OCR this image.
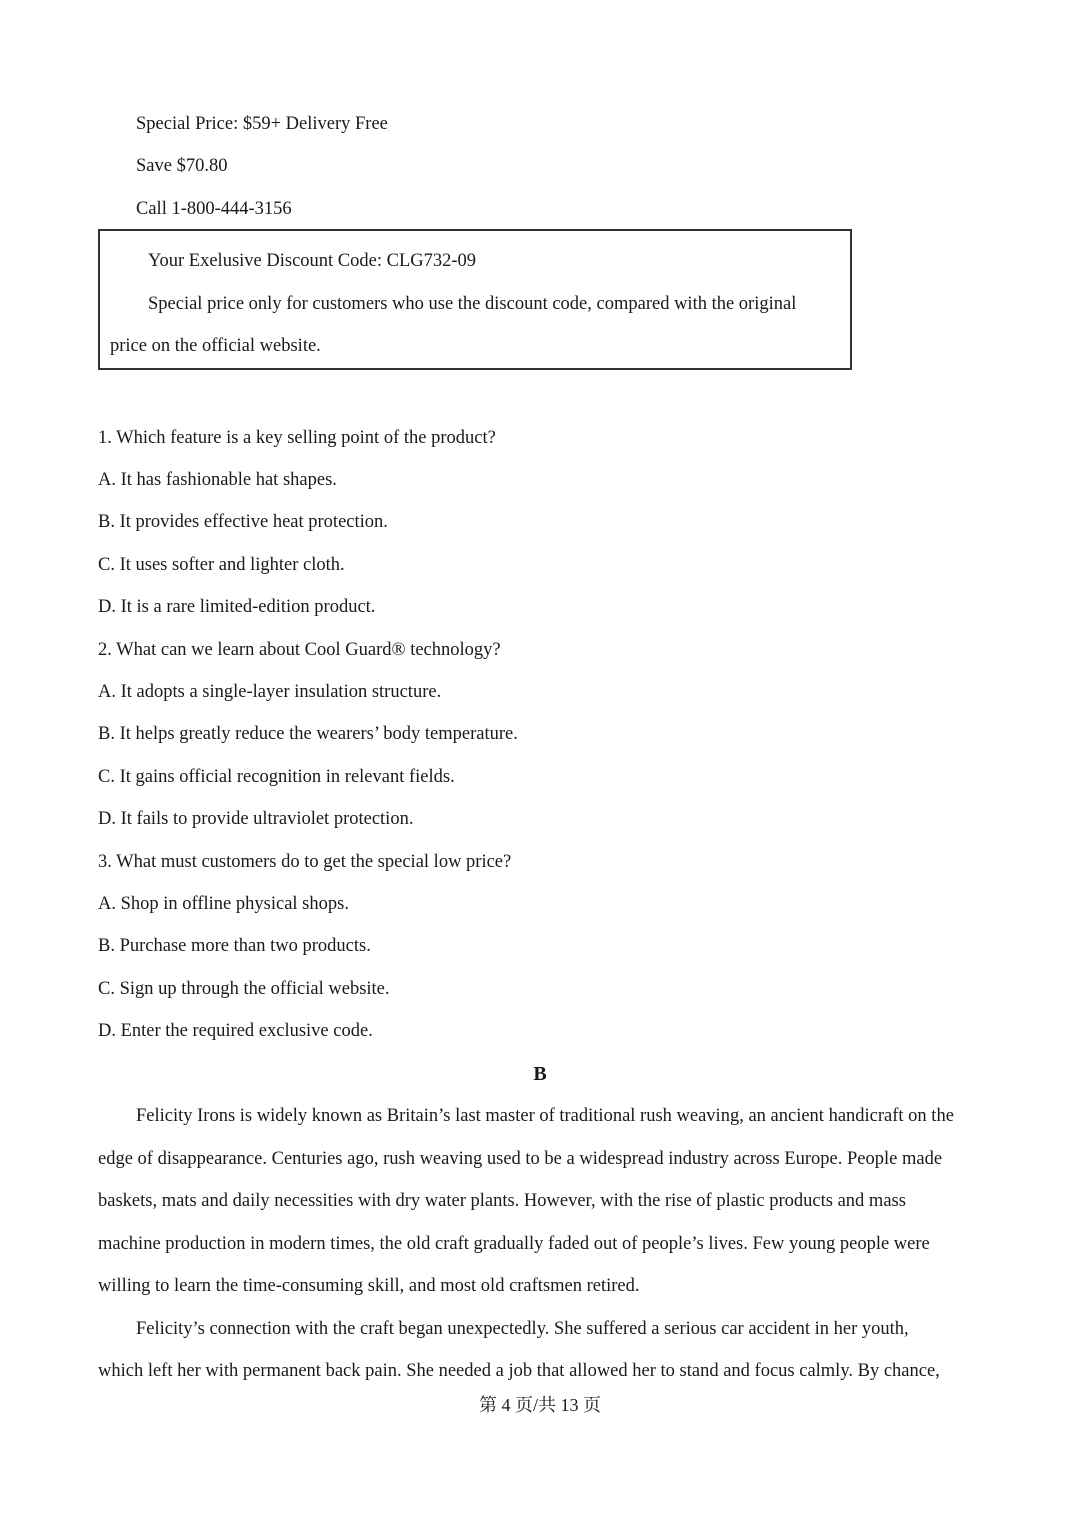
Special Price: $59+ Delivery Free
Save $70.80
Call 1-800-444-3156
Your Exelusive Discount Code: CLG732-09
Special price only for customers who use the discount code, compared with the original
price on the official website.
1. Which feature is a key selling point of the product?
A. It has fashionable hat shapes.
B. It provides effective heat protection.
C. It uses softer and lighter cloth.
D. It is a rare limited-edition product.
2. What can we learn about Cool Guard® technology?
A. It adopts a single-layer insulation structure.
B. It helps greatly reduce the wearers’ body temperature.
C. It gains official recognition in relevant fields.
D. It fails to provide ultraviolet protection.
3. What must customers do to get the special low price?
A. Shop in offline physical shops.
B. Purchase more than two products.
C. Sign up through the official website.
D. Enter the required exclusive code.
B
Felicity Irons is widely known as Britain’s last master of traditional rush weaving, an ancient handicraft on the
edge of disappearance. Centuries ago, rush weaving used to be a widespread industry across Europe. People made
baskets, mats and daily necessities with dry water plants. However, with the rise of plastic products and mass
machine production in modern times, the old craft gradually faded out of people’s lives. Few young people were
willing to learn the time-consuming skill, and most old craftsmen retired.
Felicity’s connection with the craft began unexpectedly. She suffered a serious car accident in her youth,
which left her with permanent back pain. She needed a job that allowed her to stand and focus calmly. By chance,
第 4 页/共 13 页
